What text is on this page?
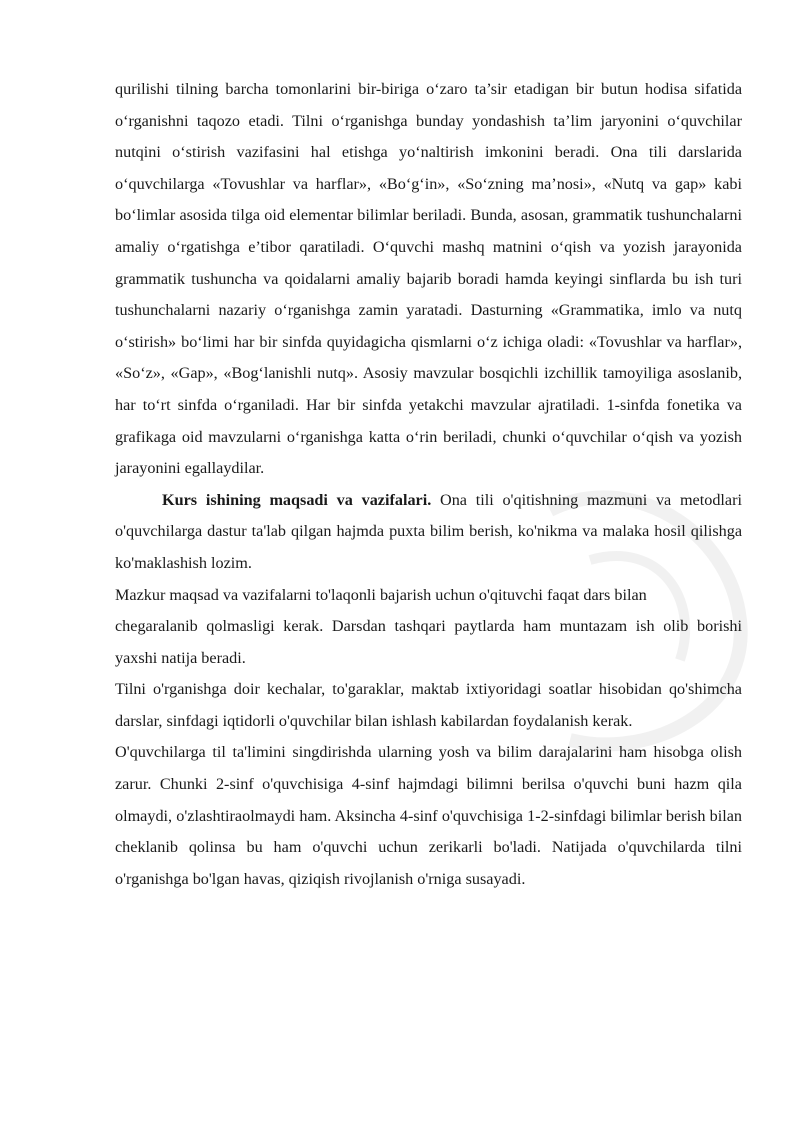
qurilishi tilning barcha tomonlarini bir-biriga o‘zaro ta’sir etadigan bir butun hodisa sifatida o‘rganishni taqozo etadi. Tilni o‘rganishga bunday yondashish ta’lim jaryonini o‘quvchilar nutqini o‘stirish vazifasini hal etishga yo‘naltirish imkonini beradi. Ona tili darslarida o‘quvchilarga «Tovushlar va harflar», «Bo‘g‘in», «So‘zning ma’nosi», «Nutq va gap» kabi bo‘limlar asosida tilga oid elementar bilimlar beriladi. Bunda, asosan, grammatik tushunchalarni amaliy o‘rgatishga e’tibor qaratiladi. O‘quvchi mashq matnini o‘qish va yozish jarayonida grammatik tushuncha va qoidalarni amaliy bajarib boradi hamda keyingi sinflarda bu ish turi tushunchalarni nazariy o‘rganishga zamin yaratadi. Dasturning «Grammatika, imlo va nutq o‘stirish» bo‘limi har bir sinfda quyidagicha qismlarni o‘z ichiga oladi: «Tovushlar va harflar», «So‘z», «Gap», «Bog‘lanishli nutq». Asosiy mavzular bosqichli izchillik tamoyiliga asoslanib, har to‘rt sinfda o‘rganiladi. Har bir sinfda yetakchi mavzular ajratiladi. 1-sinfda fonetika va grafikaga oid mavzularni o‘rganishga katta o‘rin beriladi, chunki o‘quvchilar o‘qish va yozish jarayonini egallaydilar.

Kurs ishining maqsadi va vazifalari. Ona tili o'qitishning mazmuni va metodlari o'quvchilarga dastur ta'lab qilgan hajmda puxta bilim berish, ko'nikma va malaka hosil qilishga ko'maklashish lozim.

Mazkur maqsad va vazifalarni to'laqonli bajarish uchun o'qituvchi faqat dars bilan
chegaralanib qolmasligi kerak. Darsdan tashqari paytlarda ham muntazam ish olib borishi yaxshi natija beradi.

Tilni o'rganishga doir kechalar, to'garaklar, maktab ixtiyoridagi soatlar hisobidan qo'shimcha darslar, sinfdagi iqtidorli o'quvchilar bilan ishlash kabilardan foydalanish kerak.

O'quvchilarga til ta'limini singdirishda ularning yosh va bilim darajalarini ham hisobga olish zarur. Chunki 2-sinf o'quvchisiga 4-sinf hajmdagi bilimni berilsa o'quvchi buni hazm qila olmaydi, o'zlashtiraolmaydi ham. Aksincha 4-sinf o'quvchisiga 1-2-sinfdagi bilimlar berish bilan cheklanib qolinsa bu ham o'quvchi uchun zerikarli bo'ladi. Natijada o'quvchilarda tilni o'rganishga bo'lgan havas, qiziqish rivojlanish o'rniga susayadi.
